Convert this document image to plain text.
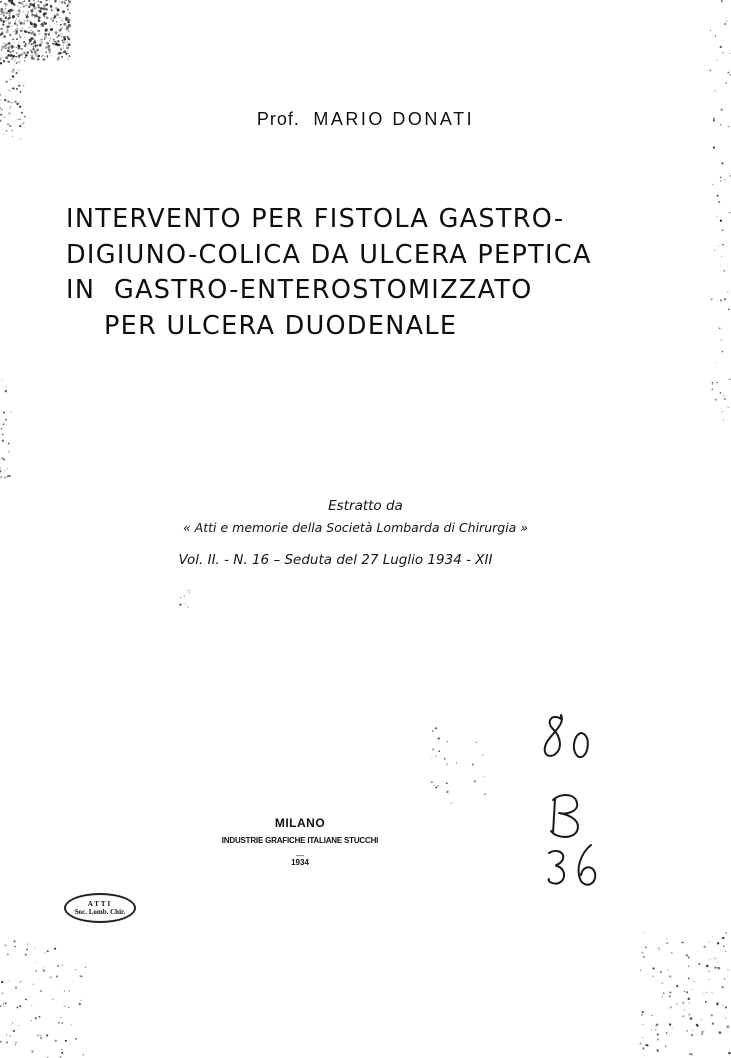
Prof. MARIO DONATI
INTERVENTO PER FISTOLA GASTRO-
DIGIUNO-COLICA DA ULCERA PEPTICA
IN  GASTRO-ENTEROSTOMIZZATO
PER ULCERA DUODENALE
Estratto da
« Atti e memorie della Società Lombarda di Chirurgia »
Vol. II. - N. 16 – Seduta del 27 Luglio 1934 - XII
MILANO
INDUSTRIE GRAFICHE ITALIANE STUCCHI
—
1934
ATTI
Soc. Lomb. Chir.
